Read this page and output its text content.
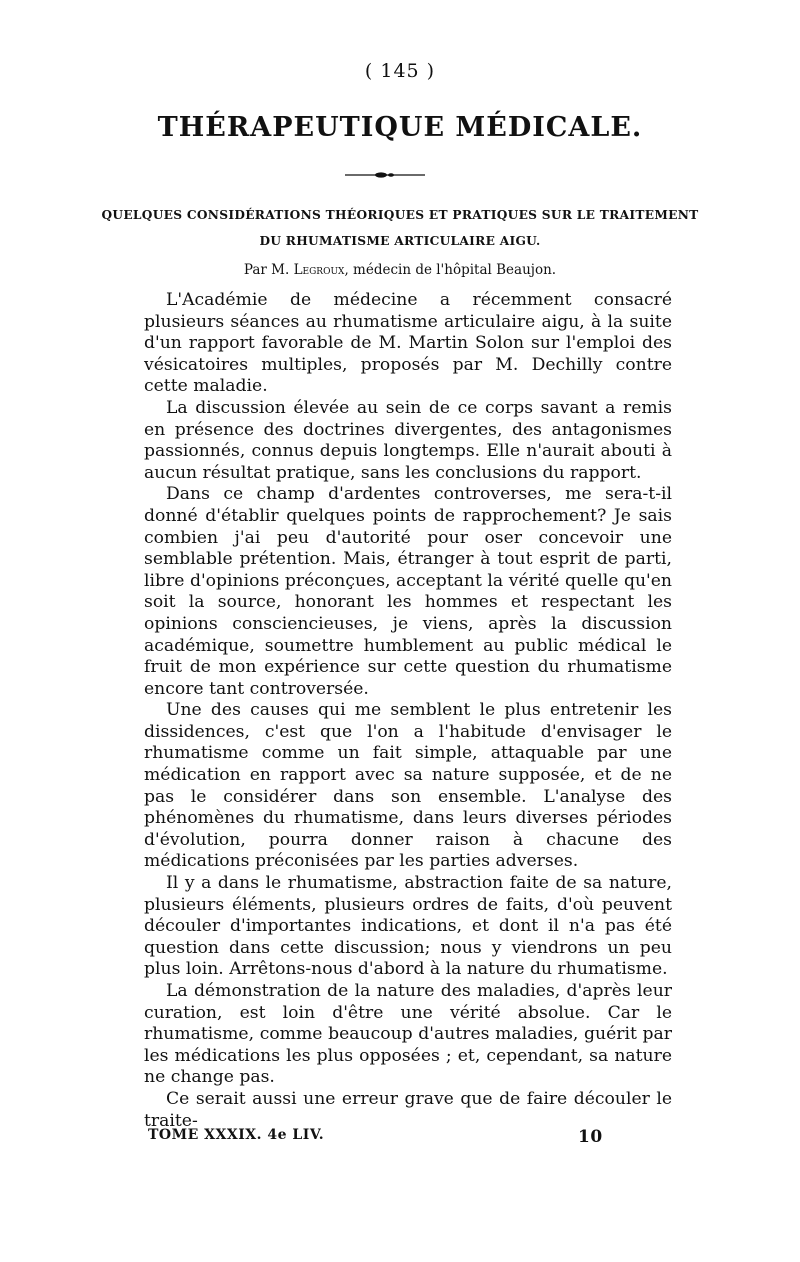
( 145 )
THÉRAPEUTIQUE MÉDICALE.
QUELQUES CONSIDÉRATIONS THÉORIQUES ET PRATIQUES SUR LE TRAITEMENT
DU RHUMATISME ARTICULAIRE AIGU.
Par M. Legroux, médecin de l'hôpital Beaujon.

L'Académie de médecine a récemment consacré plusieurs séances au rhumatisme articulaire aigu, à la suite d'un rapport favorable de M. Martin Solon sur l'emploi des vésicatoires multiples, proposés par M. Dechilly contre cette maladie.

La discussion élevée au sein de ce corps savant a remis en présence des doctrines divergentes, des antagonismes passionnés, connus depuis longtemps. Elle n'aurait abouti à aucun résultat pratique, sans les conclusions du rapport.

Dans ce champ d'ardentes controverses, me sera-t-il donné d'établir quelques points de rapprochement? Je sais combien j'ai peu d'autorité pour oser concevoir une semblable prétention. Mais, étranger à tout esprit de parti, libre d'opinions préconçues, acceptant la vérité quelle qu'en soit la source, honorant les hommes et respectant les opinions consciencieuses, je viens, après la discussion académique, soumettre humblement au public médical le fruit de mon expérience sur cette question du rhumatisme encore tant controversée.

Une des causes qui me semblent le plus entretenir les dissidences, c'est que l'on a l'habitude d'envisager le rhumatisme comme un fait simple, attaquable par une médication en rapport avec sa nature supposée, et de ne pas le considérer dans son ensemble. L'analyse des phénomènes du rhumatisme, dans leurs diverses périodes d'évolution, pourra donner raison à chacune des médications préconisées par les parties adverses.

Il y a dans le rhumatisme, abstraction faite de sa nature, plusieurs éléments, plusieurs ordres de faits, d'où peuvent découler d'importantes indications, et dont il n'a pas été question dans cette discussion; nous y viendrons un peu plus loin. Arrêtons-nous d'abord à la nature du rhumatisme.

La démonstration de la nature des maladies, d'après leur curation, est loin d'être une vérité absolue. Car le rhumatisme, comme beaucoup d'autres maladies, guérit par les médications les plus opposées ; et, cependant, sa nature ne change pas.

Ce serait aussi une erreur grave que de faire découler le traite-

TOME XXXIX. 4e LIV.	10
